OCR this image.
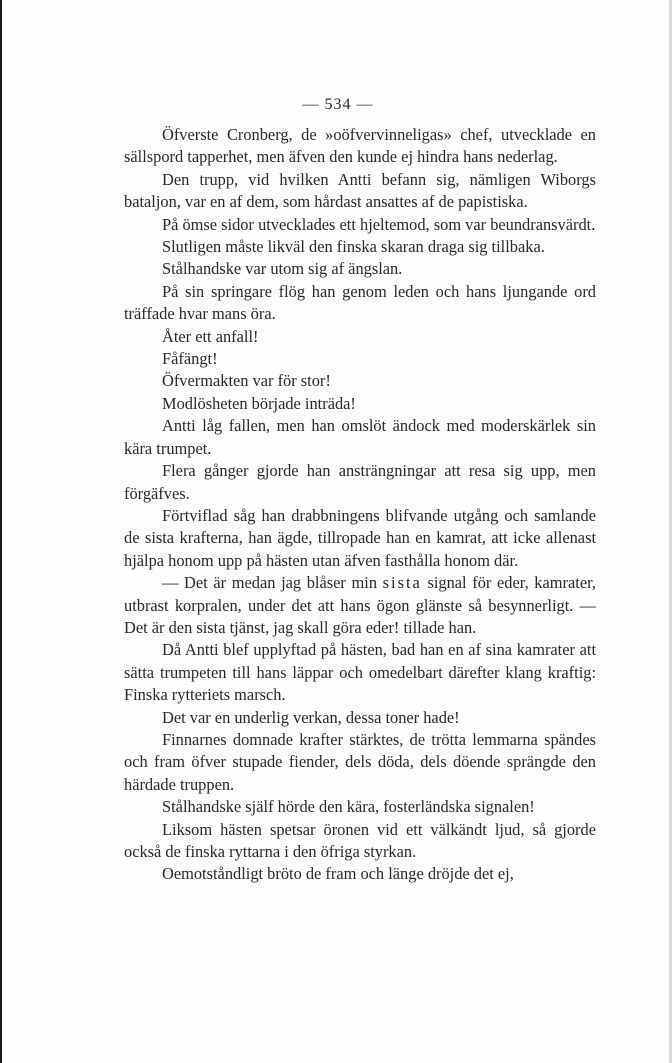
— 534 —

Öfverste Cronberg, de »oöfvervinneligas» chef, utvecklade en sällspord tapperhet, men äfven den kunde ej hindra hans nederlag.

Den trupp, vid hvilken Antti befann sig, nämligen Wiborgs bataljon, var en af dem, som hårdast ansattes af de papistiska.

På ömse sidor utvecklades ett hjeltemod, som var beundransvärdt.

Slutligen måste likväl den finska skaran draga sig tillbaka.

Stålhandske var utom sig af ängslan.

På sin springare flög han genom leden och hans ljungande ord träffade hvar mans öra.

Åter ett anfall!

Fåfängt!

Öfvermakten var för stor!

Modlösheten började inträda!

Antti låg fallen, men han omslöt ändock med moderskärlek sin kära trumpet.

Flera gånger gjorde han ansträngningar att resa sig upp, men förgäfves.

Förtviflad såg han drabbningens blifvande utgång och samlande de sista krafterna, han ägde, tillropade han en kamrat, att icke allenast hjälpa honom upp på hästen utan äfven fasthålla honom där.

— Det är medan jag blåser min sista signal för eder, kamrater, utbrast korpralen, under det att hans ögon glänste så besynnerligt. — Det är den sista tjänst, jag skall göra eder! tillade han.

Då Antti blef upplyftad på hästen, bad han en af sina kamrater att sätta trumpeten till hans läppar och omedelbart därefter klang kraftig: Finska rytteriets marsch.

Det var en underlig verkan, dessa toner hade!

Finnarnes domnade krafter stärktes, de trötta lemmarna spändes och fram öfver stupade fiender, dels döda, dels döende sprängde den härdade truppen.

Stålhandske själf hörde den kära, fosterländska signalen!

Liksom hästen spetsar öronen vid ett välkändt ljud, så gjorde också de finska ryttarna i den öfriga styrkan.

Oemotståndligt bröto de fram och länge dröjde det ej,
